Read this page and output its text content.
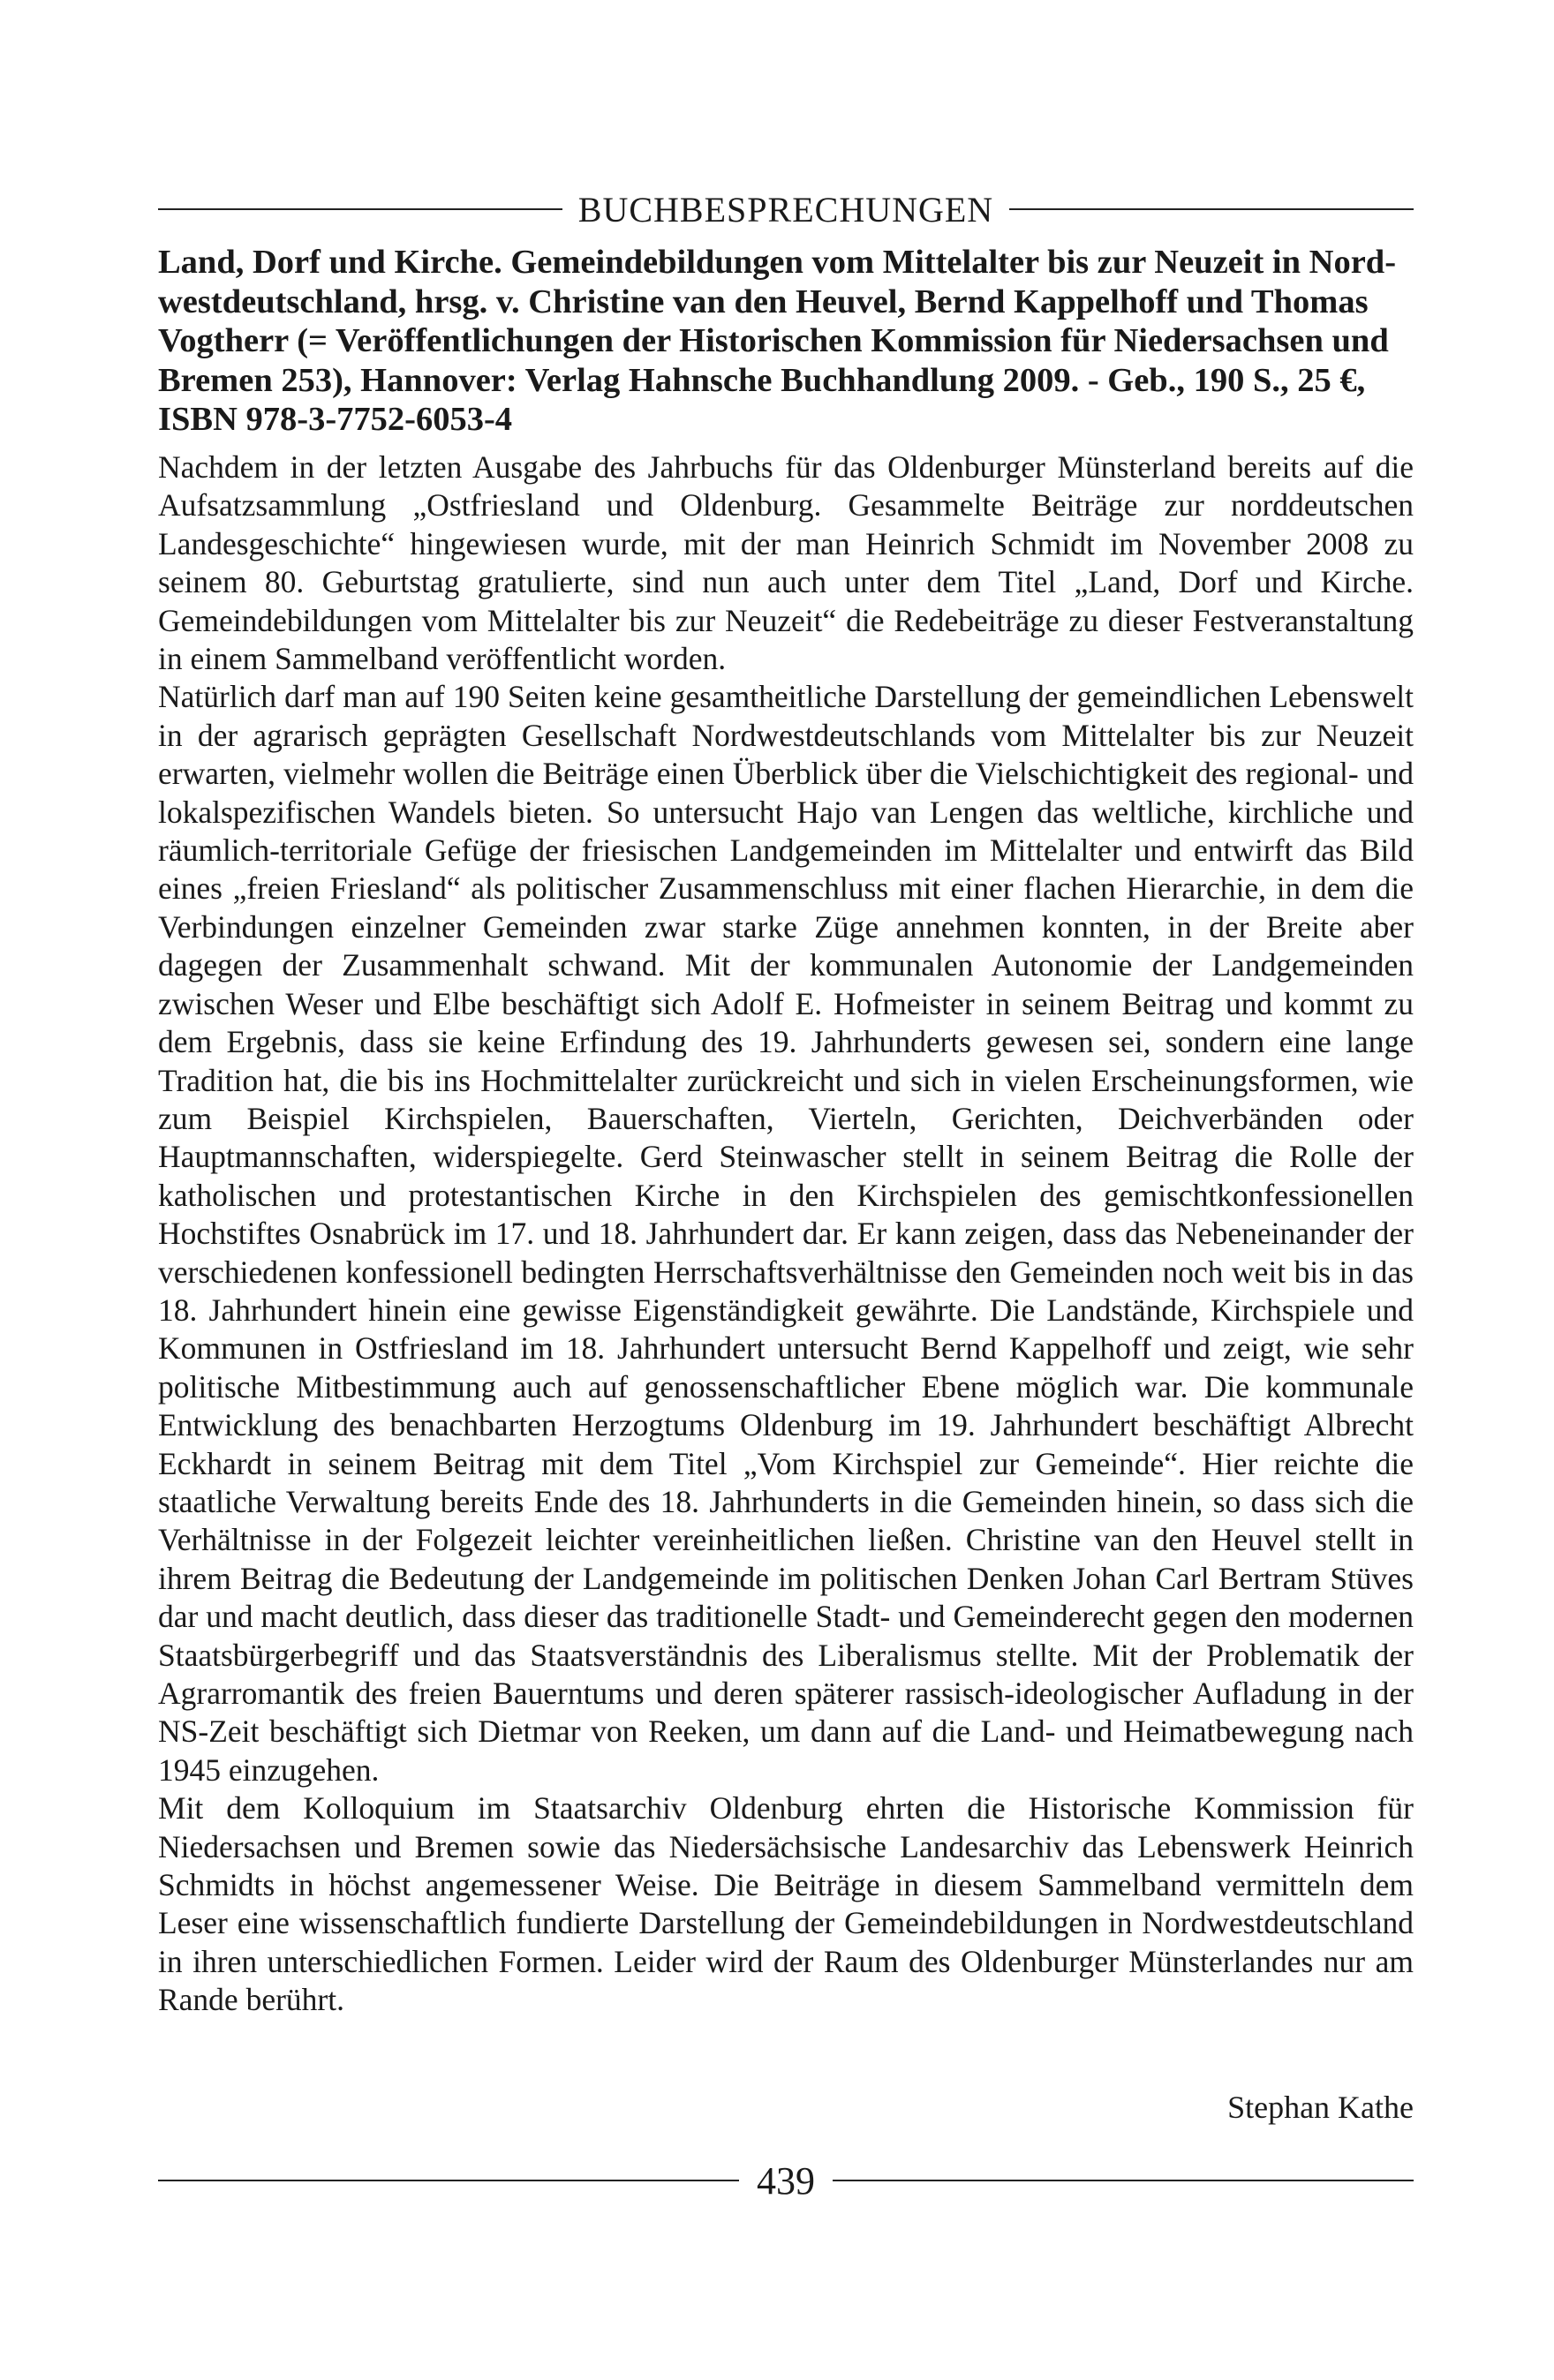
BUCHBESPRECHUNGEN
Land, Dorf und Kirche. Gemeindebildungen vom Mittelalter bis zur Neuzeit in Nord-
westdeutschland, hrsg. v. Christine van den Heuvel, Bernd Kappelhoff und Thomas
Vogtherr (= Veröffentlichungen der Historischen Kommission für Niedersachsen und
Bremen 253), Hannover: Verlag Hahnsche Buchhandlung 2009. - Geb., 190 S., 25 €,
ISBN 978-3-7752-6053-4

Nachdem in der letzten Ausgabe des Jahrbuchs für das Oldenburger Münsterland bereits auf die Aufsatzsammlung „Ostfriesland und Oldenburg. Gesammelte Beiträge zur norddeutschen Landesgeschichte“ hingewiesen wurde, mit der man Heinrich Schmidt im November 2008 zu seinem 80. Geburtstag gratulierte, sind nun auch unter dem Titel „Land, Dorf und Kirche. Gemeindebildungen vom Mittelalter bis zur Neuzeit“ die Redebeiträge zu dieser Festveranstaltung in einem Sammelband veröffentlicht worden.

Natürlich darf man auf 190 Seiten keine gesamtheitliche Darstellung der gemeindlichen Lebenswelt in der agrarisch geprägten Gesellschaft Nordwestdeutschlands vom Mittelalter bis zur Neuzeit erwarten, vielmehr wollen die Beiträge einen Überblick über die Vielschichtigkeit des regional- und lokalspezifischen Wandels bieten. So untersucht Hajo van Lengen das weltliche, kirchliche und räumlich-territoriale Gefüge der friesischen Landgemeinden im Mittelalter und entwirft das Bild eines „freien Friesland“ als politischer Zusammenschluss mit einer flachen Hierarchie, in dem die Verbindungen einzelner Gemeinden zwar starke Züge annehmen konnten, in der Breite aber dagegen der Zusammenhalt schwand. Mit der kommunalen Autonomie der Landgemeinden zwischen Weser und Elbe beschäftigt sich Adolf E. Hofmeister in seinem Beitrag und kommt zu dem Ergebnis, dass sie keine Erfindung des 19. Jahrhunderts gewesen sei, sondern eine lange Tradition hat, die bis ins Hochmittelalter zurückreicht und sich in vielen Erscheinungsformen, wie zum Beispiel Kirchspielen, Bauerschaften, Vierteln, Gerichten, Deichverbänden oder Hauptmannschaften, widerspiegelte. Gerd Steinwascher stellt in seinem Beitrag die Rolle der katholischen und protestantischen Kirche in den Kirchspielen des gemischtkonfessionellen Hochstiftes Osnabrück im 17. und 18. Jahrhundert dar. Er kann zeigen, dass das Nebeneinander der verschiedenen konfessionell bedingten Herrschaftsverhältnisse den Gemeinden noch weit bis in das 18. Jahrhundert hinein eine gewisse Eigenständigkeit gewährte. Die Landstände, Kirchspiele und Kommunen in Ostfriesland im 18. Jahrhundert untersucht Bernd Kappelhoff und zeigt, wie sehr politische Mitbestimmung auch auf genossenschaftlicher Ebene möglich war. Die kommunale Entwicklung des benachbarten Herzogtums Oldenburg im 19. Jahrhundert beschäftigt Albrecht Eckhardt in seinem Beitrag mit dem Titel „Vom Kirchspiel zur Gemeinde“. Hier reichte die staatliche Verwaltung bereits Ende des 18. Jahrhunderts in die Gemeinden hinein, so dass sich die Verhältnisse in der Folgezeit leichter vereinheitlichen ließen. Christine van den Heuvel stellt in ihrem Beitrag die Bedeutung der Landgemeinde im politischen Denken Johan Carl Bertram Stüves dar und macht deutlich, dass dieser das traditionelle Stadt- und Gemeinderecht gegen den modernen Staatsbürgerbegriff und das Staatsverständnis des Liberalismus stellte. Mit der Problematik der Agrarromantik des freien Bauerntums und deren späterer rassisch-ideologischer Aufladung in der NS-Zeit beschäftigt sich Dietmar von Reeken, um dann auf die Land- und Heimatbewegung nach 1945 einzugehen.

Mit dem Kolloquium im Staatsarchiv Oldenburg ehrten die Historische Kommission für Niedersachsen und Bremen sowie das Niedersächsische Landesarchiv das Lebenswerk Heinrich Schmidts in höchst angemessener Weise. Die Beiträge in diesem Sammelband vermitteln dem Leser eine wissenschaftlich fundierte Darstellung der Gemeindebildungen in Nordwestdeutschland in ihren unterschiedlichen Formen. Leider wird der Raum des Oldenburger Münsterlandes nur am Rande berührt.

Stephan Kathe
439
